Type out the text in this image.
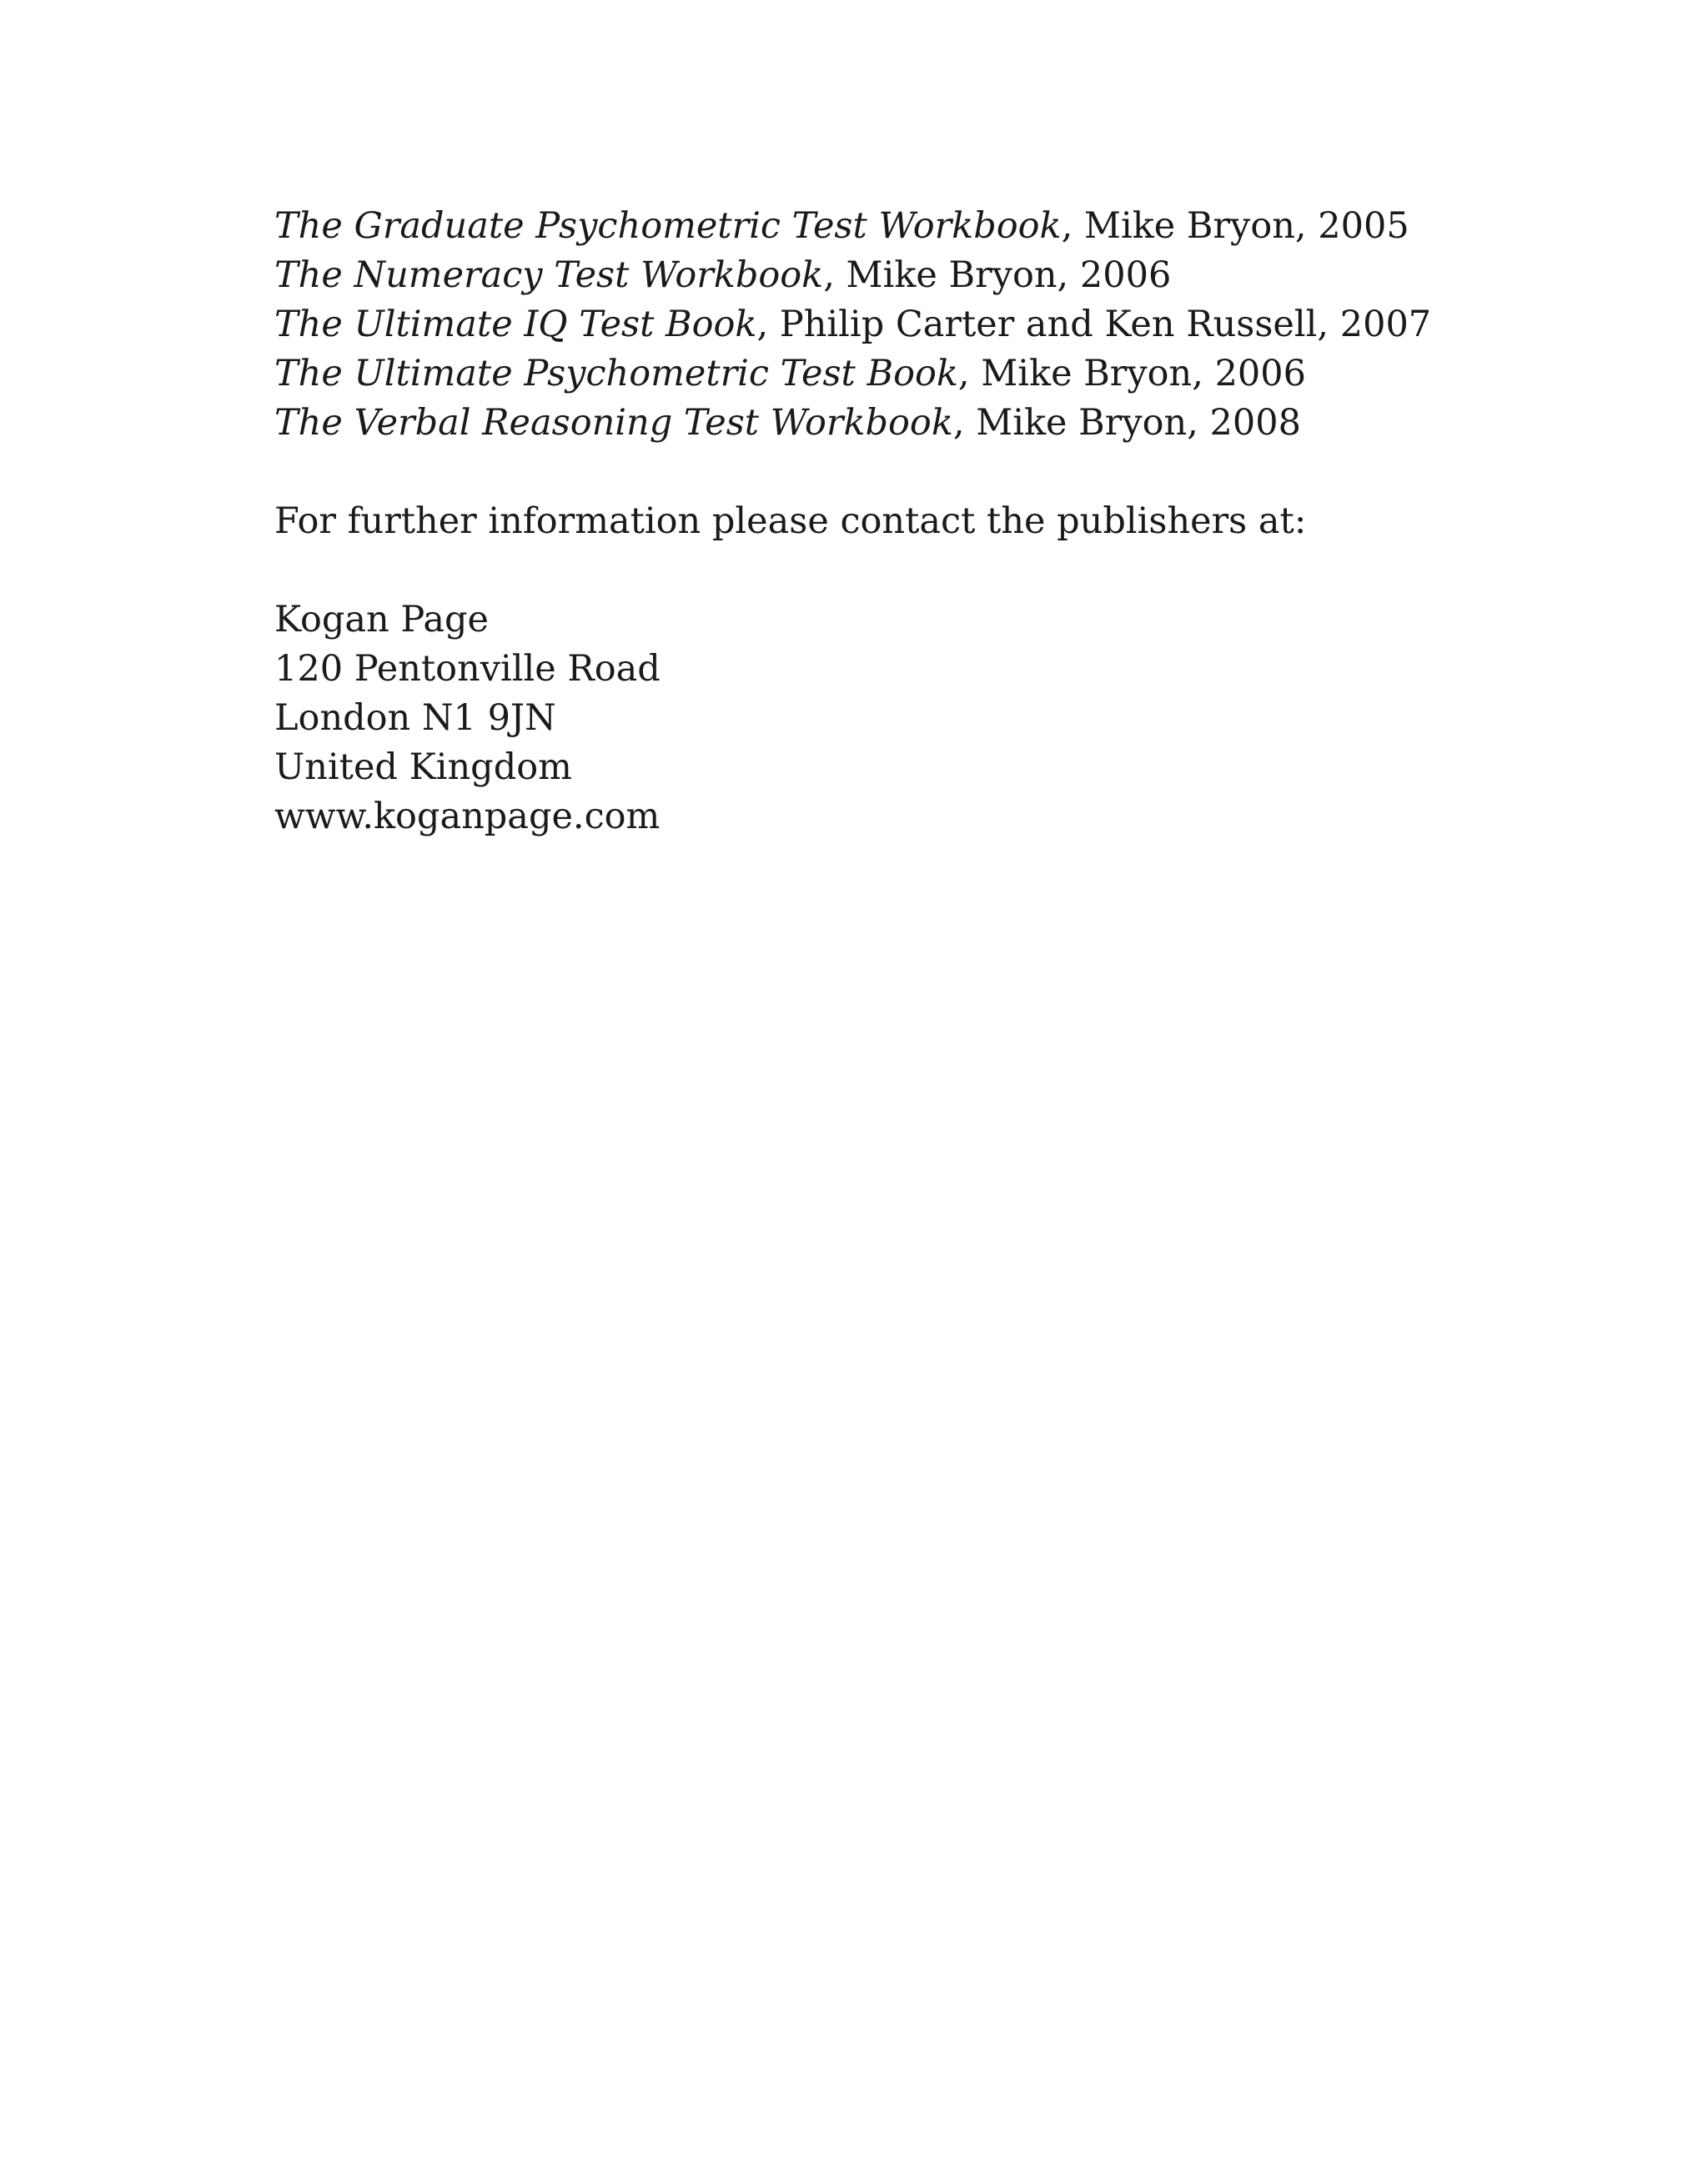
The Graduate Psychometric Test Workbook, Mike Bryon, 2005
The Numeracy Test Workbook, Mike Bryon, 2006
The Ultimate IQ Test Book, Philip Carter and Ken Russell, 2007
The Ultimate Psychometric Test Book, Mike Bryon, 2006
The Verbal Reasoning Test Workbook, Mike Bryon, 2008

For further information please contact the publishers at:

Kogan Page
120 Pentonville Road
London N1 9JN
United Kingdom
www.koganpage.com
